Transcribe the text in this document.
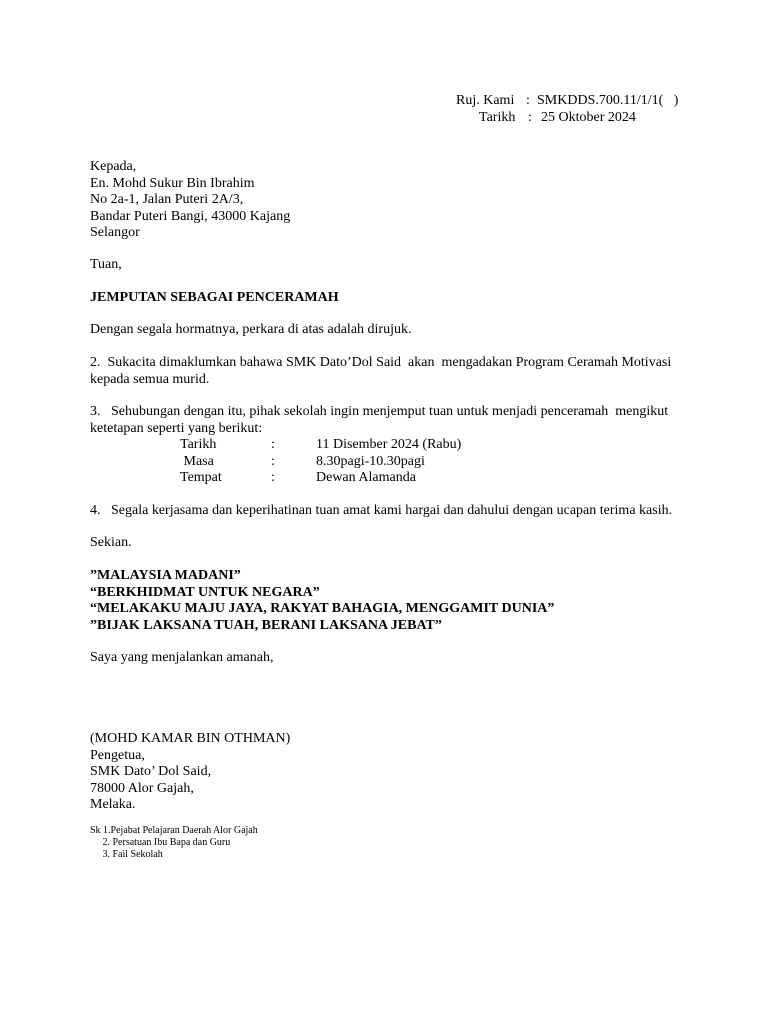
Ruj. Kami : SMKDDS.700.11/1/1(   )
Tarikh : 25 Oktober 2024
Kepada,
En. Mohd Sukur Bin Ibrahim
No 2a-1, Jalan Puteri 2A/3,
Bandar Puteri Bangi, 43000 Kajang
Selangor
Tuan,
JEMPUTAN SEBAGAI PENCERAMAH
Dengan segala hormatnya, perkara di atas adalah dirujuk.
2.  Sukacita dimaklumkan bahawa SMK Dato’Dol Said  akan  mengadakan Program Ceramah Motivasi
kepada semua murid.
3.   Sehubungan dengan itu, pihak sekolah ingin menjemput tuan untuk menjadi penceramah  mengikut
ketetapan seperti yang berikut:
Tarikh	:	11 Disember 2024 (Rabu)
Masa	:	8.30pagi-10.30pagi
Tempat	:	Dewan Alamanda
4.   Segala kerjasama dan keperihatinan tuan amat kami hargai dan dahului dengan ucapan terima kasih.
Sekian.
”MALAYSIA MADANI”
“BERKHIDMAT UNTUK NEGARA”
“MELAKAKU MAJU JAYA, RAKYAT BAHAGIA, MENGGAMIT DUNIA”
”BIJAK LAKSANA TUAH, BERANI LAKSANA JEBAT”
Saya yang menjalankan amanah,
(MOHD KAMAR BIN OTHMAN)
Pengetua,
SMK Dato’ Dol Said,
78000 Alor Gajah,
Melaka.
Sk 1.Pejabat Pelajaran Daerah Alor Gajah
2. Persatuan Ibu Bapa dan Guru
3. Fail Sekolah
